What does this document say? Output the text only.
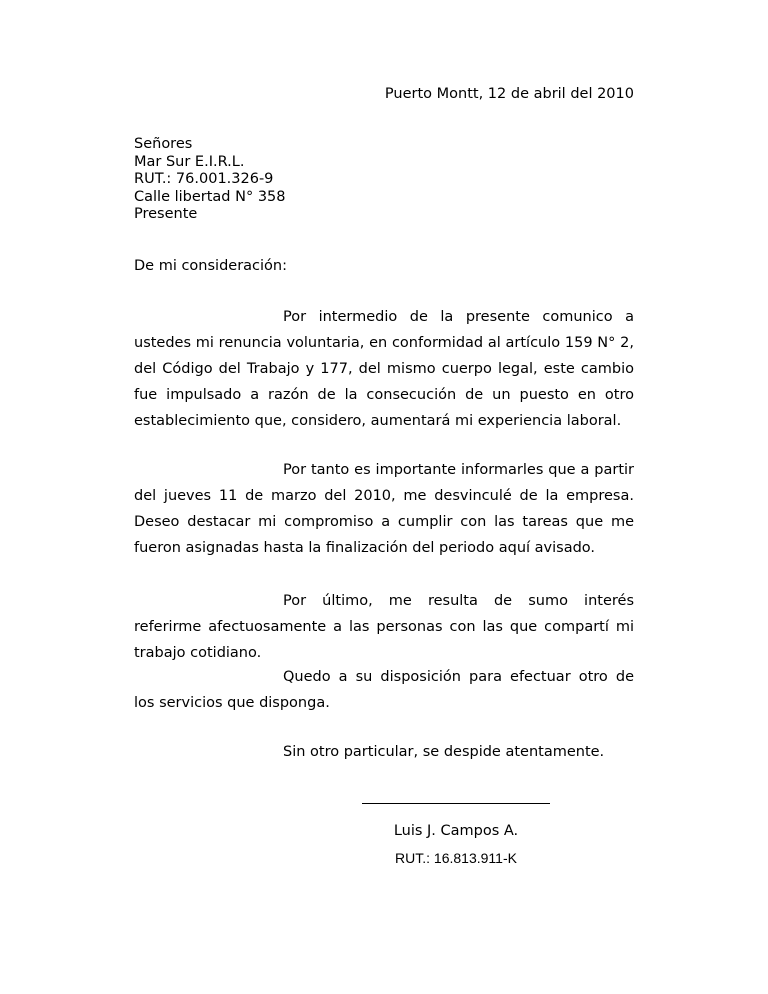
Puerto Montt, 12 de abril del 2010
Señores
Mar Sur E.I.R.L.
RUT.: 76.001.326-9
Calle libertad N° 358
Presente
De mi consideración:

Por intermedio de la presente comunico a ustedes mi renuncia voluntaria, en conformidad al artículo 159 N° 2, del Código del Trabajo y 177, del mismo cuerpo legal, este cambio fue impulsado a razón de la consecución de un puesto en otro establecimiento que, considero, aumentará mi experiencia laboral.

Por tanto es importante informarles que a partir del jueves 11 de marzo del 2010, me desvinculé de la empresa. Deseo destacar mi compromiso a cumplir con las tareas que me fueron asignadas hasta la finalización del periodo aquí avisado.

Por último, me resulta de sumo interés referirme afectuosamente a las personas con las que compartí mi trabajo cotidiano.

Quedo a su disposición para efectuar otro de los servicios que disponga.

Sin otro particular, se despide atentamente.
Luis J. Campos A.
RUT.: 16.813.911-K
